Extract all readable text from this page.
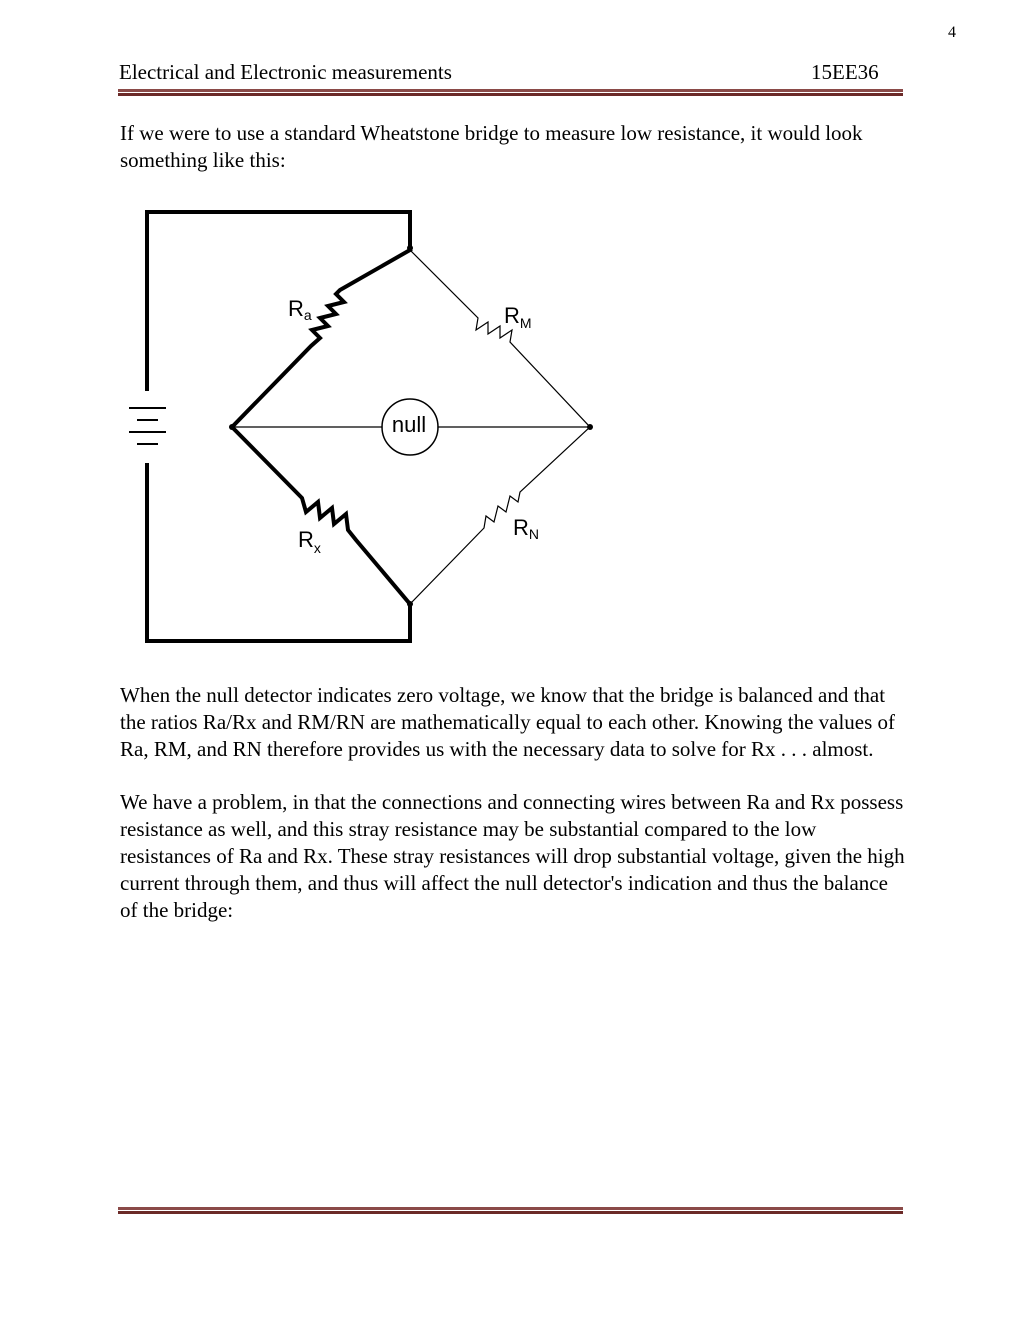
4
Electrical and Electronic measurements	15EE36

If we were to use a standard Wheatstone bridge to measure low resistance, it would look something like this:

null
Ra	$R_M$
$R_x$
RN

When the null detector indicates zero voltage, we know that the bridge is balanced and that the ratios Ra/Rx and RM/RN are mathematically equal to each other. Knowing the values of Ra, RM, and RN therefore provides us with the necessary data to solve for Rx . . . almost.

We have a problem, in that the connections and connecting wires between Ra and Rx possess resistance as well, and this stray resistance may be substantial compared to the low resistances of Ra and Rx. These stray resistances will drop substantial voltage, given the high current through them, and thus will affect the null detector's indication and thus the balance of the bridge:
